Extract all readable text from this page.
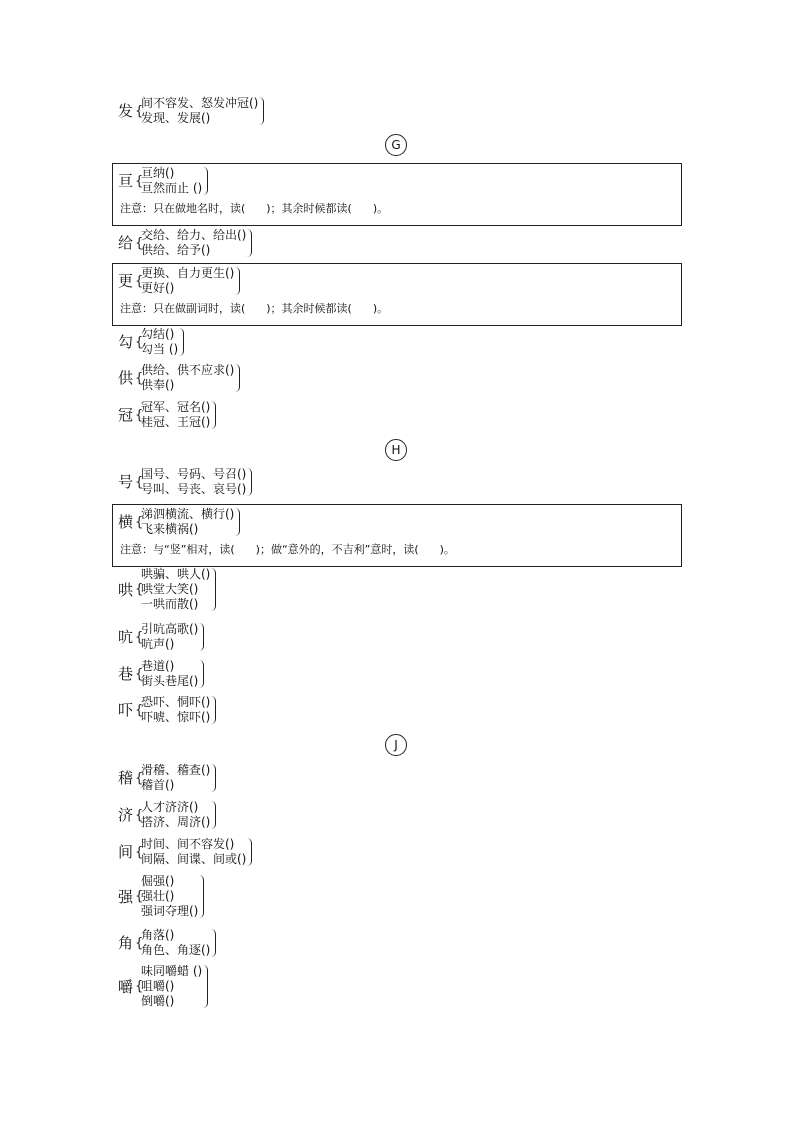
发 {
间不容发、怒发冲冠()
发现、发展()
G
亘 {
亘纳()
亘然而止 ()
注意：只在做地名时，读(      )；其余时候都读(      )。
给 {
交给、给力、给出()
供给、给予()
更 {
更换、自力更生()
更好()
注意：只在做副词时，读(      )；其余时候都读(      )。
勾 {
勾结()
勾当 ()
供 {
供给、供不应求()
供奉()
冠 {
冠军、冠名()
桂冠、王冠()
H
号 {
国号、号码、号召()
号叫、号丧、哀号()
横 {
涕泗横流、横行()
飞来横祸()
注意：与“竖”相对，读(      )；做“意外的，不吉利”意时，读(      )。
哄 {
哄骗、哄人()
哄堂大笑()
一哄而散()
吭 {
引吭高歌()
吭声()
巷 {
巷道()
街头巷尾()
吓 {
恐吓、恫吓()
吓唬、惊吓()
J
稽 {
滑稽、稽查()
稽首()
济 {
人才济济()
搭济、周济()
间 {
时间、间不容发()
间隔、间谍、间或()
强 {
倔强()
强壮()
强词夺理()
角 {
角落()
角色、角逐()
嚼 {
味同嚼蜡 ()
咀嚼()
倒嚼()
